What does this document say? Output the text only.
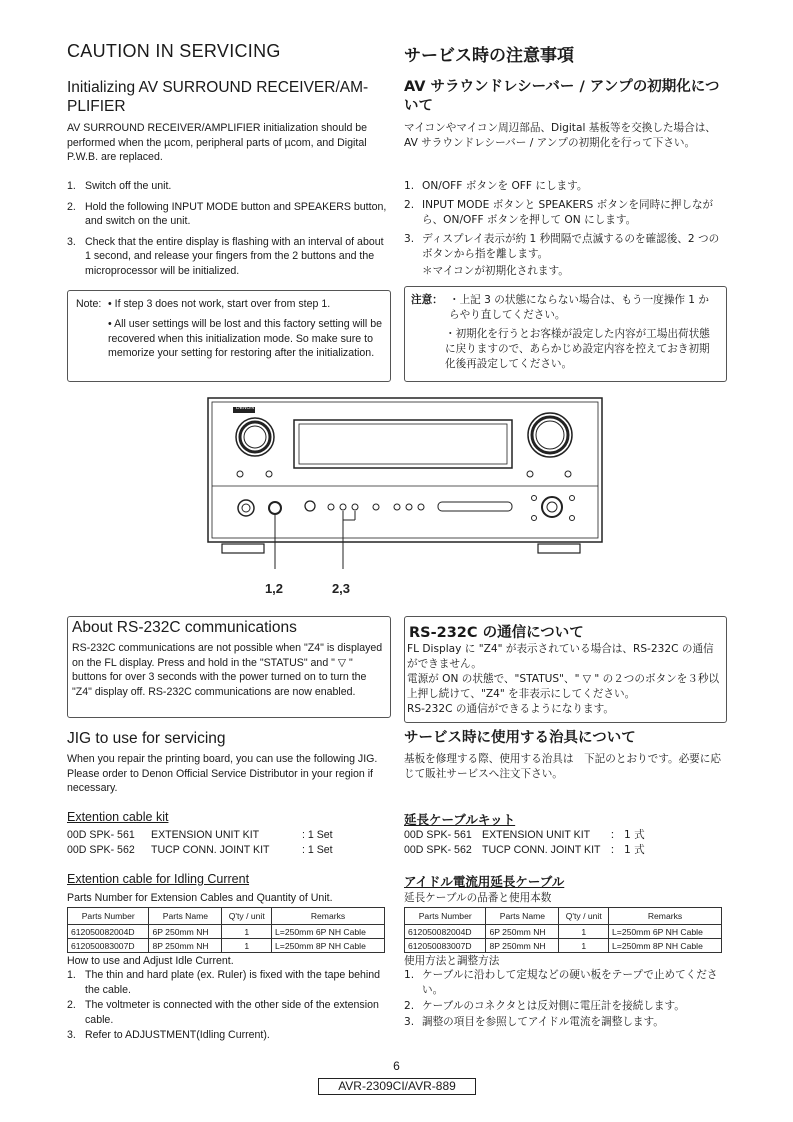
CAUTION IN SERVICING
Initializing AV SURROUND RECEIVER/AM-PLIFIER
AV SURROUND RECEIVER/AMPLIFIER initialization should be performed when the µcom, peripheral parts of µcom, and Digital P.W.B. are replaced.
1. Switch off the unit.
2. Hold the following INPUT MODE button and SPEAKERS button, and switch on the unit.
3. Check that the entire display is flashing with an interval of about 1 second, and release your fingers from the 2 buttons and the microprocessor will be initialized.
Note: • If step 3 does not work, start over from step 1.
• All user settings will be lost and this factory setting will be recovered when this initialization mode. So make sure to memorize your setting for restoring after the initialization.
サービス時の注意事項
AV サラウンドレシーバー / アンプの初期化について
マイコンやマイコン周辺部品、Digital 基板等を交換した場合は、AV サラウンドレシーバー / アンプの初期化を行って下さい。
1. ON/OFF ボタンを OFF にします。
2. INPUT MODE ボタンと SPEAKERS ボタンを同時に押しながら、ON/OFF ボタンを押して ON にします。
3. ディスプレイ表示が約 1 秒間隔で点滅するのを確認後、2 つのボタンから指を離します。
＊マイコンが初期化されます。
注意： ・上記 3 の状態にならない場合は、もう一度操作 1 からやり直してください。
・初期化を行うとお客様が設定した内容が工場出荷状態に戻りますので、あらかじめ設定内容を控えておき初期化後再設定してください。
1,2	2,3
DENON
About RS-232C communications
RS-232C communications are not possible when "Z4" is displayed on the FL display. Press and hold in the "STATUS" and " ▽ " buttons for over 3 seconds with the power turned on to turn the "Z4" display off. RS-232C communications are now enabled.
RS-232C の通信について
FL Display に "Z4" が表示されている場合は、RS-232C の通信ができません。
電源が ON の状態で、"STATUS"、" ▽ " の２つのボタンを３秒以上押し続けて、"Z4" を非表示にしてください。
RS-232C の通信ができるようになります。
JIG to use for servicing
When you repair the printing board, you can use the following JIG. Please order to Denon Official Service Distributor in your region if necessary.
サービス時に使用する治具について
基板を修理する際、使用する治具は　下記のとおりです。必要に応じて販社サービスへ注文下さい。
Extention cable kit
00D SPK- 561 EXTENSION UNIT KIT	: 1 Set
00D SPK- 562 TUCP CONN. JOINT KIT	: 1 Set
延長ケーブルキット
00D SPK- 561 EXTENSION UNIT KIT ： 1 式
00D SPK- 562 TUCP CONN. JOINT KIT ： 1 式
Extention cable for Idling Current
Parts Number for Extension Cables and Quantity of Unit.
Parts Number	Parts Name	Q'ty / unit	Remarks
612050082004D	6P 250mm NH	1	L=250mm 6P NH Cable
612050083007D	8P 250mm NH	1	L=250mm 8P NH Cable
アイドル電流用延長ケーブル
延長ケーブルの品番と使用本数
Parts Number	Parts Name	Q'ty / unit	Remarks
612050082004D	6P 250mm NH	1	L=250mm 6P NH Cable
612050083007D	8P 250mm NH	1	L=250mm 8P NH Cable
How to use and Adjust Idle Current.
1. The thin and hard plate (ex. Ruler) is fixed with the tape behind the cable.
2. The voltmeter is connected with the other side of the extension cable.
3. Refer to ADJUSTMENT(Idling Current).
使用方法と調整方法
1. ケーブルに沿わして定規などの硬い板をテープで止めてください。
2. ケーブルのコネクタとは反対側に電圧計を接続します。
3. 調整の項目を参照してアイドル電流を調整します。
6
AVR-2309CI/AVR-889
